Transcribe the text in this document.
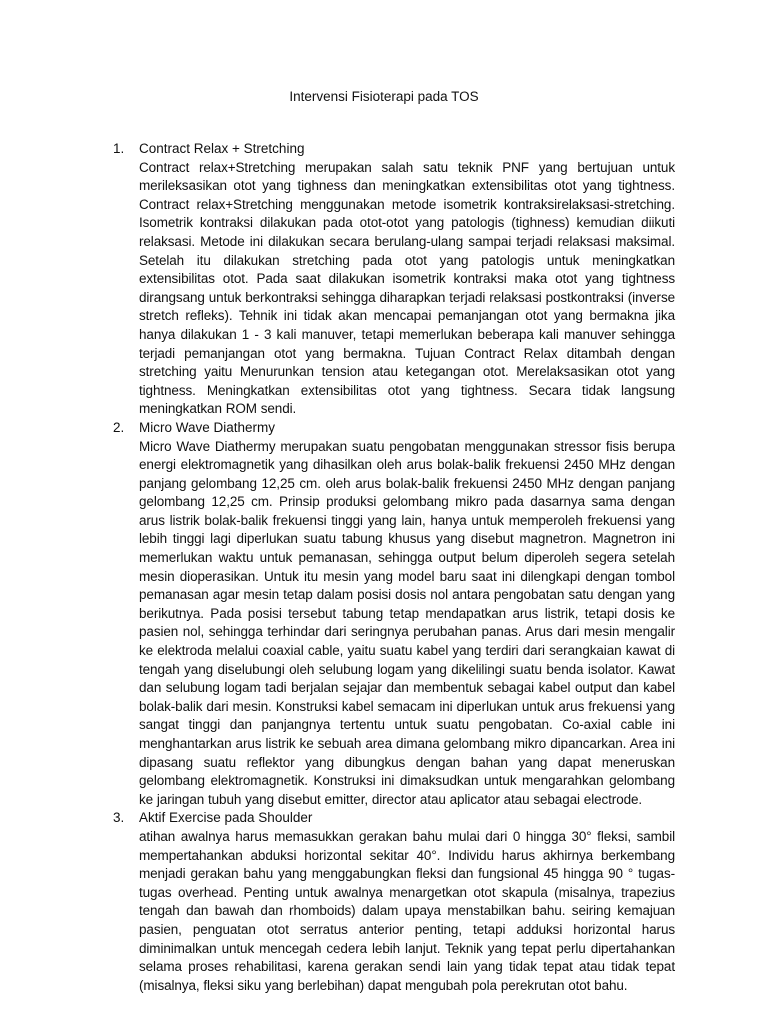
Intervensi Fisioterapi pada TOS
1. Contract Relax + Stretching
Contract relax+Stretching merupakan salah satu teknik PNF yang bertujuan untuk merileksasikan otot yang tighness dan meningkatkan extensibilitas otot yang tightness. Contract relax+Stretching menggunakan metode isometrik kontraksirelaksasi-stretching. Isometrik kontraksi dilakukan pada otot-otot yang patologis (tighness) kemudian diikuti relaksasi. Metode ini dilakukan secara berulang-ulang sampai terjadi relaksasi maksimal. Setelah itu dilakukan stretching pada otot yang patologis untuk meningkatkan extensibilitas otot. Pada saat dilakukan isometrik kontraksi maka otot yang tightness dirangsang untuk berkontraksi sehingga diharapkan terjadi relaksasi postkontraksi (inverse stretch refleks). Tehnik ini tidak akan mencapai pemanjangan otot yang bermakna jika hanya dilakukan 1 - 3 kali manuver, tetapi memerlukan beberapa kali manuver sehingga terjadi pemanjangan otot yang bermakna. Tujuan Contract Relax ditambah dengan stretching yaitu Menurunkan tension atau ketegangan otot. Merelaksasikan otot yang tightness. Meningkatkan extensibilitas otot yang tightness. Secara tidak langsung meningkatkan ROM sendi.
2. Micro Wave Diathermy
Micro Wave Diathermy merupakan suatu pengobatan menggunakan stressor fisis berupa energi elektromagnetik yang dihasilkan oleh arus bolak-balik frekuensi 2450 MHz dengan panjang gelombang 12,25 cm. oleh arus bolak-balik frekuensi 2450 MHz dengan panjang gelombang 12,25 cm. Prinsip produksi gelombang mikro pada dasarnya sama dengan arus listrik bolak-balik frekuensi tinggi yang lain, hanya untuk memperoleh frekuensi yang lebih tinggi lagi diperlukan suatu tabung khusus yang disebut magnetron. Magnetron ini memerlukan waktu untuk pemanasan, sehingga output belum diperoleh segera setelah mesin dioperasikan. Untuk itu mesin yang model baru saat ini dilengkapi dengan tombol pemanasan agar mesin tetap dalam posisi dosis nol antara pengobatan satu dengan yang berikutnya. Pada posisi tersebut tabung tetap mendapatkan arus listrik, tetapi dosis ke pasien nol, sehingga terhindar dari seringnya perubahan panas. Arus dari mesin mengalir ke elektroda melalui coaxial cable, yaitu suatu kabel yang terdiri dari serangkaian kawat di tengah yang diselubungi oleh selubung logam yang dikelilingi suatu benda isolator. Kawat dan selubung logam tadi berjalan sejajar dan membentuk sebagai kabel output dan kabel bolak-balik dari mesin. Konstruksi kabel semacam ini diperlukan untuk arus frekuensi yang sangat tinggi dan panjangnya tertentu untuk suatu pengobatan. Co-axial cable ini menghantarkan arus listrik ke sebuah area dimana gelombang mikro dipancarkan. Area ini dipasang suatu reflektor yang dibungkus dengan bahan yang dapat meneruskan gelombang elektromagnetik. Konstruksi ini dimaksudkan untuk mengarahkan gelombang ke jaringan tubuh yang disebut emitter, director atau aplicator atau sebagai electrode.
3. Aktif Exercise pada Shoulder
atihan awalnya harus memasukkan gerakan bahu mulai dari 0 hingga 30° fleksi, sambil mempertahankan abduksi horizontal sekitar 40°. Individu harus akhirnya berkembang menjadi gerakan bahu yang menggabungkan fleksi dan fungsional 45 hingga 90 ° tugas-tugas overhead. Penting untuk awalnya menargetkan otot skapula (misalnya, trapezius tengah dan bawah dan rhomboids) dalam upaya menstabilkan bahu. seiring kemajuan pasien, penguatan otot serratus anterior penting, tetapi adduksi horizontal harus diminimalkan untuk mencegah cedera lebih lanjut. Teknik yang tepat perlu dipertahankan selama proses rehabilitasi, karena gerakan sendi lain yang tidak tepat atau tidak tepat (misalnya, fleksi siku yang berlebihan) dapat mengubah pola perekrutan otot bahu.
